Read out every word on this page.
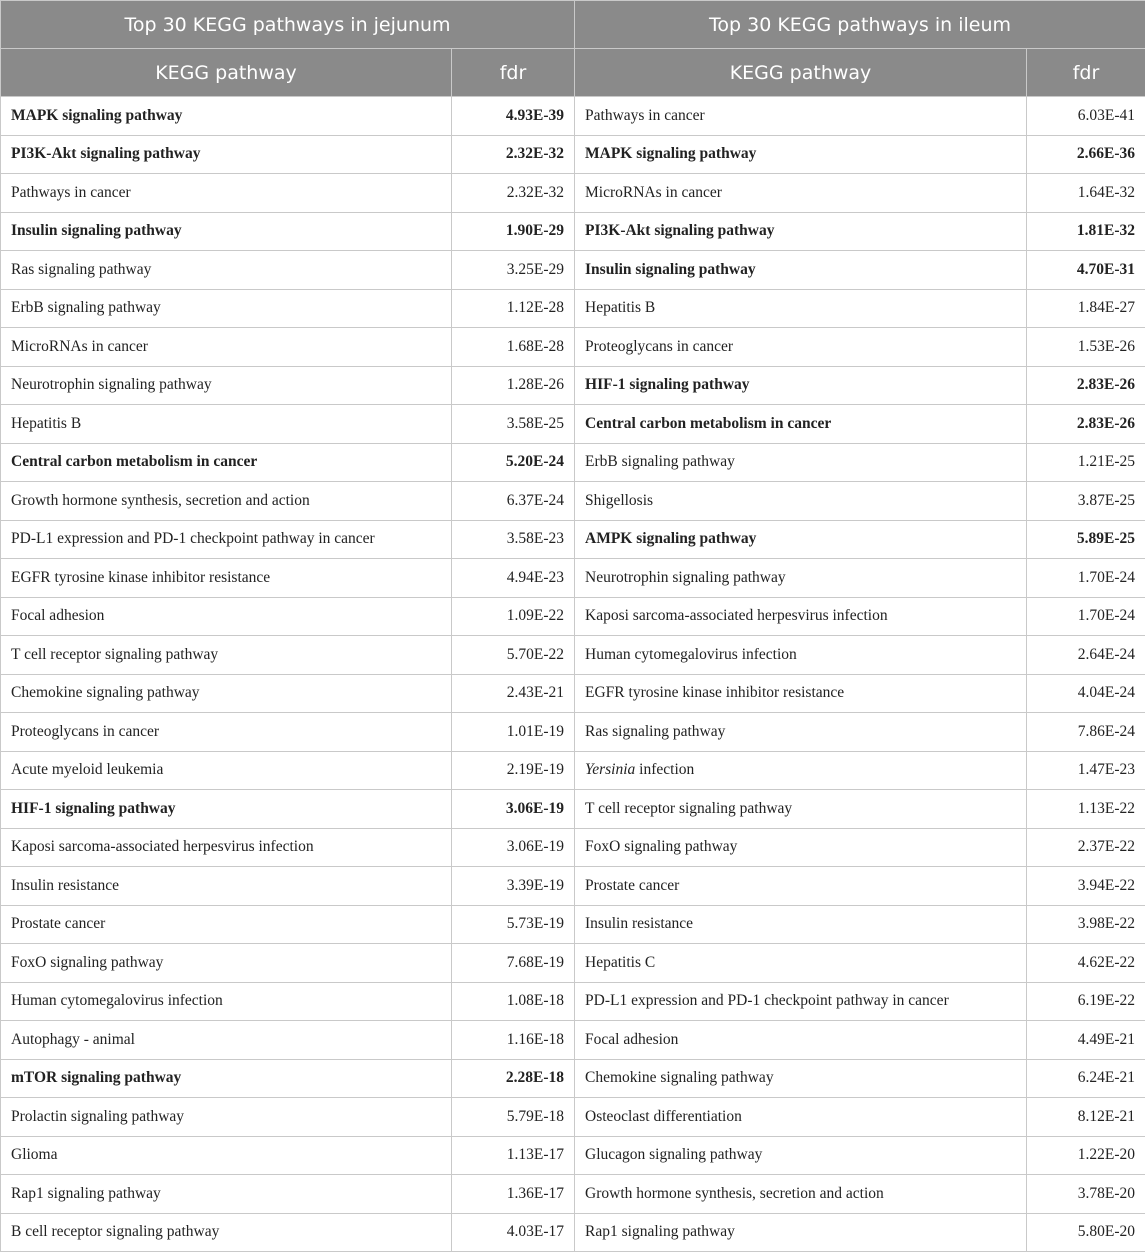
Top 30 KEGG pathways in jejunum		Top 30 KEGG pathways in ileum	
KEGG pathway	fdr	KEGG pathway	fdr
MAPK signaling pathway	4.93E-39	Pathways in cancer	6.03E-41
PI3K-Akt signaling pathway	2.32E-32	MAPK signaling pathway	2.66E-36
Pathways in cancer	2.32E-32	MicroRNAs in cancer	1.64E-32
Insulin signaling pathway	1.90E-29	PI3K-Akt signaling pathway	1.81E-32
Ras signaling pathway	3.25E-29	Insulin signaling pathway	4.70E-31
ErbB signaling pathway	1.12E-28	Hepatitis B	1.84E-27
MicroRNAs in cancer	1.68E-28	Proteoglycans in cancer	1.53E-26
Neurotrophin signaling pathway	1.28E-26	HIF-1 signaling pathway	2.83E-26
Hepatitis B	3.58E-25	Central carbon metabolism in cancer	2.83E-26
Central carbon metabolism in cancer	5.20E-24	ErbB signaling pathway	1.21E-25
Growth hormone synthesis, secretion and action	6.37E-24	Shigellosis	3.87E-25
PD-L1 expression and PD-1 checkpoint pathway in cancer	3.58E-23	AMPK signaling pathway	5.89E-25
EGFR tyrosine kinase inhibitor resistance	4.94E-23	Neurotrophin signaling pathway	1.70E-24
Focal adhesion	1.09E-22	Kaposi sarcoma-associated herpesvirus infection	1.70E-24
T cell receptor signaling pathway	5.70E-22	Human cytomegalovirus infection	2.64E-24
Chemokine signaling pathway	2.43E-21	EGFR tyrosine kinase inhibitor resistance	4.04E-24
Proteoglycans in cancer	1.01E-19	Ras signaling pathway	7.86E-24
Acute myeloid leukemia	2.19E-19	Yersinia infection	1.47E-23
HIF-1 signaling pathway	3.06E-19	T cell receptor signaling pathway	1.13E-22
Kaposi sarcoma-associated herpesvirus infection	3.06E-19	FoxO signaling pathway	2.37E-22
Insulin resistance	3.39E-19	Prostate cancer	3.94E-22
Prostate cancer	5.73E-19	Insulin resistance	3.98E-22
FoxO signaling pathway	7.68E-19	Hepatitis C	4.62E-22
Human cytomegalovirus infection	1.08E-18	PD-L1 expression and PD-1 checkpoint pathway in cancer	6.19E-22
Autophagy - animal	1.16E-18	Focal adhesion	4.49E-21
mTOR signaling pathway	2.28E-18	Chemokine signaling pathway	6.24E-21
Prolactin signaling pathway	5.79E-18	Osteoclast differentiation	8.12E-21
Glioma	1.13E-17	Glucagon signaling pathway	1.22E-20
Rap1 signaling pathway	1.36E-17	Growth hormone synthesis, secretion and action	3.78E-20
B cell receptor signaling pathway	4.03E-17	Rap1 signaling pathway	5.80E-20
